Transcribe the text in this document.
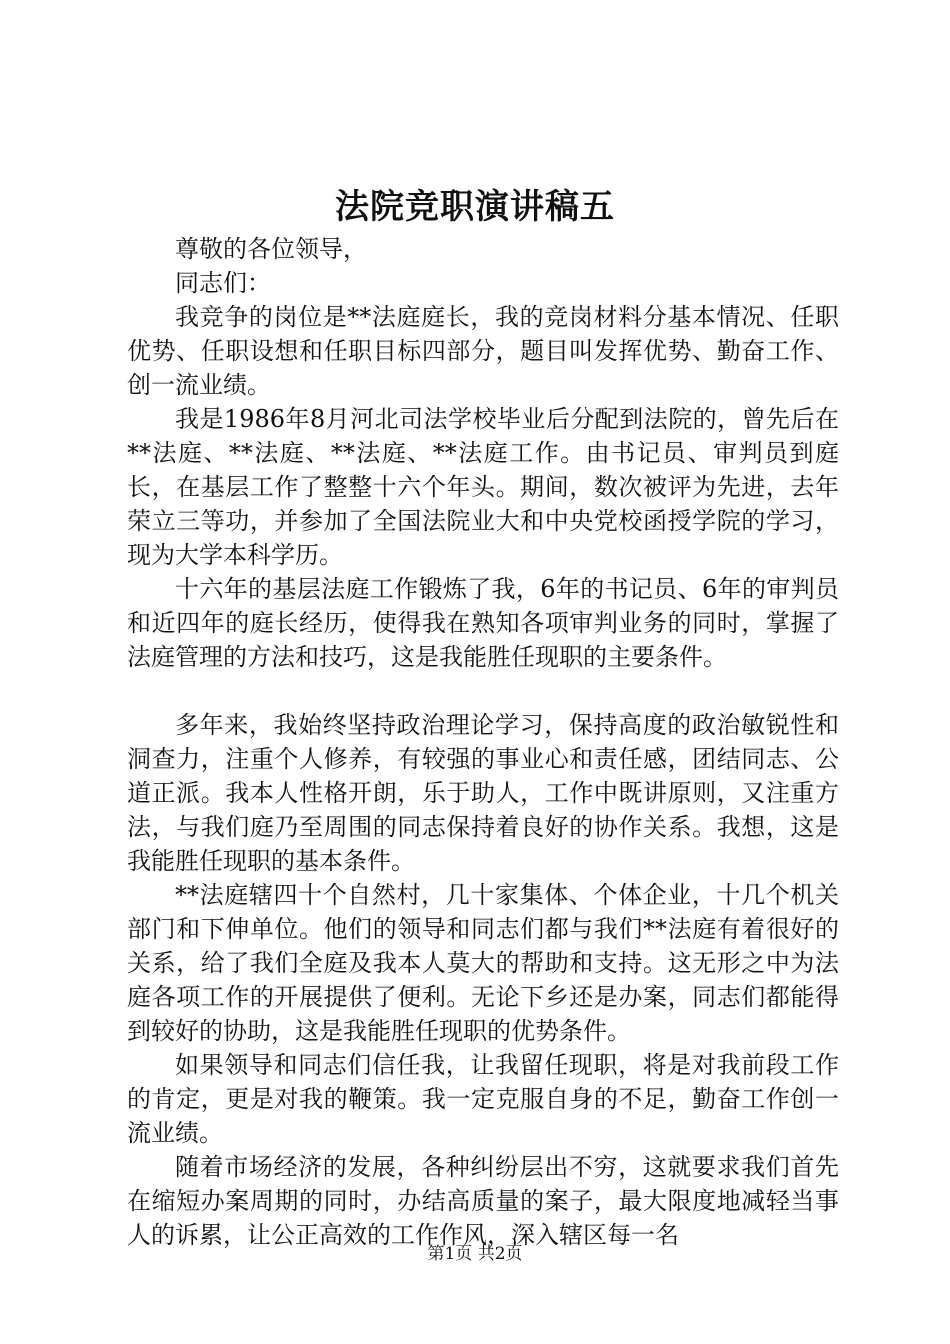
法院竞职演讲稿五

尊敬的各位领导，

同志们：

我竞争的岗位是**法庭庭长，我的竞岗材料分基本情况、任职优势、任职设想和任职目标四部分，题目叫发挥优势、勤奋工作、创一流业绩。

我是1986年8月河北司法学校毕业后分配到法院的，曾先后在**法庭、**法庭、**法庭、**法庭工作。由书记员、审判员到庭长，在基层工作了整整十六个年头。期间，数次被评为先进，去年荣立三等功，并参加了全国法院业大和中央党校函授学院的学习，现为大学本科学历。

十六年的基层法庭工作锻炼了我，6年的书记员、6年的审判员和近四年的庭长经历，使得我在熟知各项审判业务的同时，掌握了法庭管理的方法和技巧，这是我能胜任现职的主要条件。

多年来，我始终坚持政治理论学习，保持高度的政治敏锐性和洞查力，注重个人修养，有较强的事业心和责任感，团结同志、公道正派。我本人性格开朗，乐于助人，工作中既讲原则，又注重方法，与我们庭乃至周围的同志保持着良好的协作关系。我想，这是我能胜任现职的基本条件。

**法庭辖四十个自然村，几十家集体、个体企业，十几个机关部门和下伸单位。他们的领导和同志们都与我们**法庭有着很好的关系，给了我们全庭及我本人莫大的帮助和支持。这无形之中为法庭各项工作的开展提供了便利。无论下乡还是办案，同志们都能得到较好的协助，这是我能胜任现职的优势条件。

如果领导和同志们信任我，让我留任现职，将是对我前段工作的肯定，更是对我的鞭策。我一定克服自身的不足，勤奋工作创一流业绩。

随着市场经济的发展，各种纠纷层出不穷，这就要求我们首先在缩短办案周期的同时，办结高质量的案子，最大限度地减轻当事人的诉累，让公正高效的工作作风，深入辖区每一名

第1页 共2页
